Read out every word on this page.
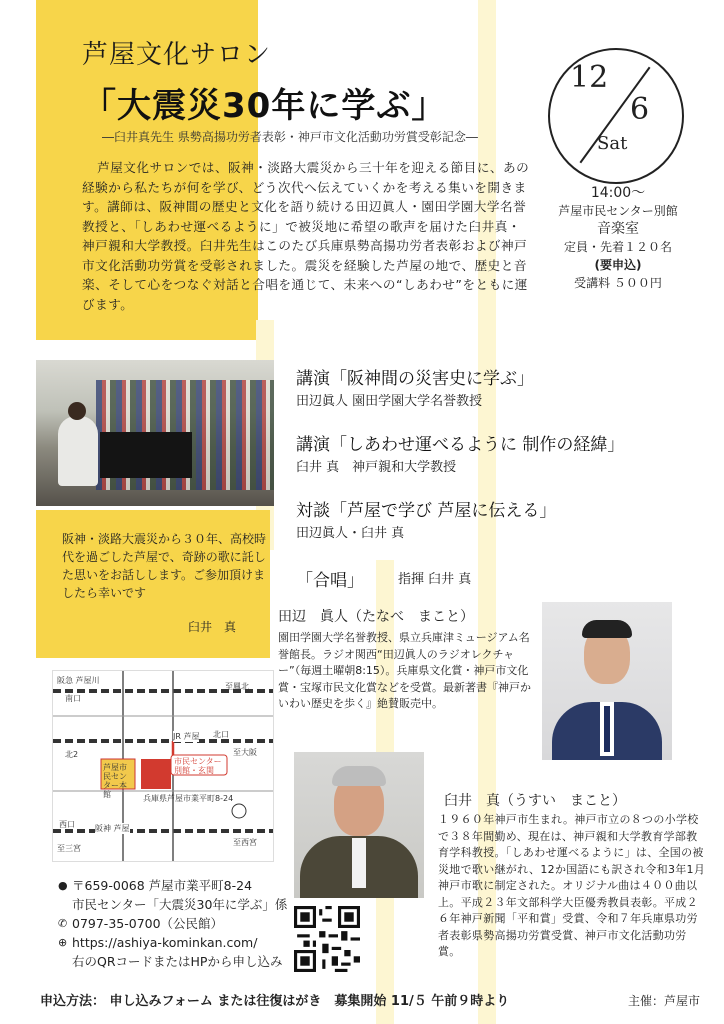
芦屋文化サロン
「大震災30年に学ぶ」
―臼井真先生 県勢高揚功労者表彰・神戸市文化活動功労賞受彰記念―
芦屋文化サロンでは、阪神・淡路大震災から三十年を迎える節目に、あの経験から私たちが何を学び、どう次代へ伝えていくかを考える集いを開きます。講師は、阪神間の歴史と文化を語り続ける田辺眞人・園田学園大学名誉教授と、「しあわせ運べるように」で被災地に希望の歌声を届けた臼井真・神戸親和大学教授。臼井先生はこのたび兵庫県勢高揚功労者表彰および神戸市文化活動功労賞を受彰されました。震災を経験した芦屋の地で、歴史と音楽、そして心をつなぐ対話と合唱を通じて、未来への“しあわせ”をともに運びます。
12
6
Sat
14:00～
芦屋市民センター別館
音楽室
定員・先着１２０名
(要申込)
受講料 ５００円
講演「阪神間の災害史に学ぶ」
田辺眞人 園田学園大学名誉教授
講演「しあわせ運べるように 制作の経緯」
臼井 真　神戸親和大学教授
対談「芦屋で学び 芦屋に伝える」
田辺眞人・臼井 真
「合唱」	指揮 臼井 真
阪神・淡路大震災から３０年、高校時代を過ごした芦屋で、奇跡の歌に託した思いをお話しします。ご参加頂けましたら幸いです
臼井　真
田辺　眞人（たなべ　まこと）
園田学園大学名誉教授、県立兵庫津ミュージアム名誉館長。ラジオ関西“田辺眞人のラジオレクチャー”（毎週土曜朝8:15）。兵庫県文化賞・神戸市文化賞・宝塚市民文化賞などを受賞。最新著書『神戸かいわい歴史を歩く』絶賛販売中。
臼井　真（うすい　まこと）
１９６０年神戸市生まれ。神戸市立の８つの小学校で３８年間勤め、現在は、神戸親和大学教育学部教育学科教授。「しあわせ運べるように」は、全国の被災地で歌い継がれ、12か国語にも訳され令和3年1月神戸市歌に制定された。オリジナル曲は４００曲以上。平成２３年文部科学大臣優秀教員表彰。平成２６年神戸新聞「平和賞」受賞、令和７年兵庫県功労者表彰県勢高揚功労賞受賞、神戸市文化活動功労賞。
阪急 芦屋川
JR 芦屋
阪神 芦屋
北2
南口
北口
至鳳北
芦屋市民センター本館
市民センター別館・玄関
兵庫県芦屋市業平町8-24
西口
至三宮
至大阪
至西宮
● 〒659-0068 芦屋市業平町8-24
市民センター「大震災30年に学ぶ」係
✆ 0797-35-0700（公民館）
⊕ https://ashiya-kominkan.com/
右のQRコードまたはHPから申し込み
申込方法： 申し込みフォーム または往復はがき　募集開始 11/５ 午前９時より	主催：芦屋市
